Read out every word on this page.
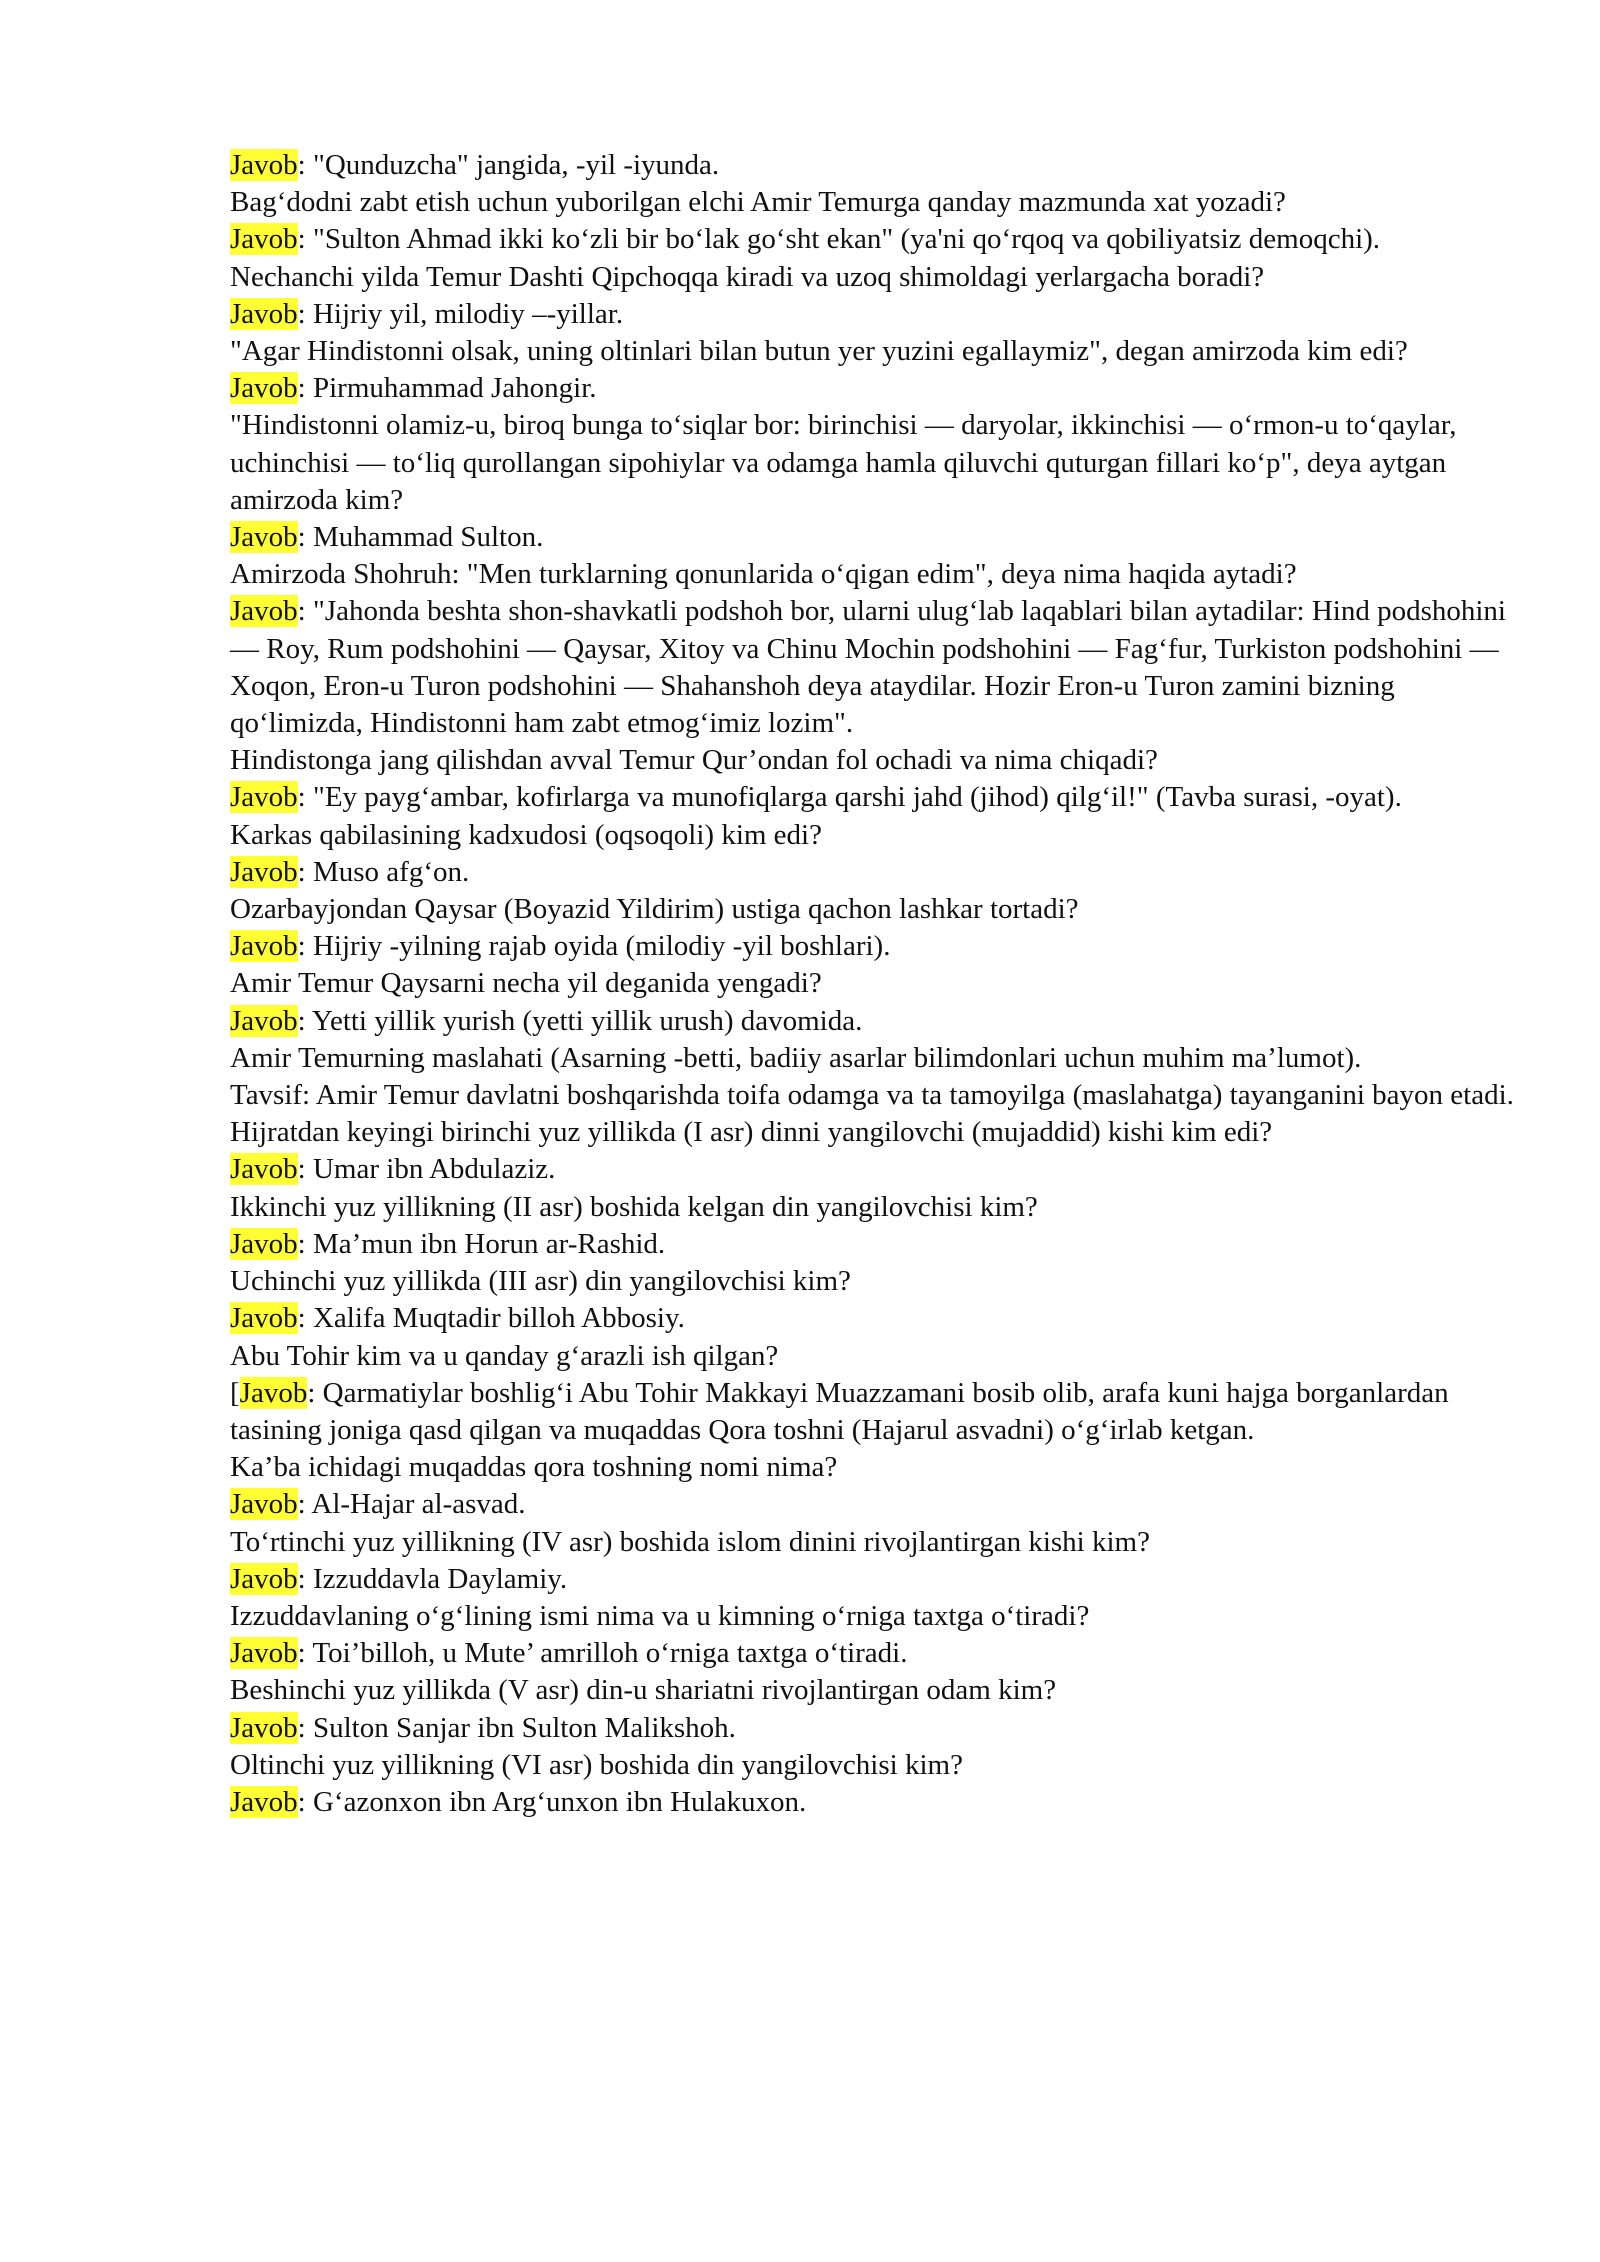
Javob: "Qunduzcha" jangida, -yil -iyunda.

Bag‘dodni zabt etish uchun yuborilgan elchi Amir Temurga qanday mazmunda xat yozadi?

Javob: "Sulton Ahmad ikki ko‘zli bir bo‘lak go‘sht ekan" (ya'ni qo‘rqoq va qobiliyatsiz demoqchi).

Nechanchi yilda Temur Dashti Qipchoqqa kiradi va uzoq shimoldagi yerlargacha boradi?

Javob: Hijriy yil, milodiy –-yillar.

"Agar Hindistonni olsak, uning oltinlari bilan butun yer yuzini egallaymiz", degan amirzoda kim edi?

Javob: Pirmuhammad Jahongir.

"Hindistonni olamiz-u, biroq bunga to‘siqlar bor: birinchisi — daryolar, ikkinchisi — o‘rmon-u to‘qaylar, uchinchisi — to‘liq qurollangan sipohiylar va odamga hamla qiluvchi quturgan fillari ko‘p", deya aytgan amirzoda kim?

Javob: Muhammad Sulton.

Amirzoda Shohruh: "Men turklarning qonunlarida o‘qigan edim", deya nima haqida aytadi?

Javob: "Jahonda beshta shon-shavkatli podshoh bor, ularni ulug‘lab laqablari bilan aytadilar: Hind podshohini — Roy, Rum podshohini — Qaysar, Xitoy va Chinu Mochin podshohini — Fag‘fur, Turkiston podshohini — Xoqon, Eron-u Turon podshohini — Shahanshoh deya ataydilar. Hozir Eron-u Turon zamini bizning qo‘limizda, Hindistonni ham zabt etmog‘imiz lozim".

Hindistonga jang qilishdan avval Temur Qur’ondan fol ochadi va nima chiqadi?

Javob: "Ey payg‘ambar, kofirlarga va munofiqlarga qarshi jahd (jihod) qilg‘il!" (Tavba surasi, -oyat).

Karkas qabilasining kadxudosi (oqsoqoli) kim edi?

Javob: Muso afg‘on.

Ozarbayjondan Qaysar (Boyazid Yildirim) ustiga qachon lashkar tortadi?

Javob: Hijriy -yilning rajab oyida (milodiy -yil boshlari).

Amir Temur Qaysarni necha yil deganida yengadi?

Javob: Yetti yillik yurish (yetti yillik urush) davomida.

Amir Temurning maslahati (Asarning -betti, badiiy asarlar bilimdonlari uchun muhim ma’lumot).

Tavsif: Amir Temur davlatni boshqarishda toifa odamga va ta tamoyilga (maslahatga) tayanganini bayon etadi.

Hijratdan keyingi birinchi yuz yillikda (I asr) dinni yangilovchi (mujaddid) kishi kim edi?

Javob: Umar ibn Abdulaziz.

Ikkinchi yuz yillikning (II asr) boshida kelgan din yangilovchisi kim?

Javob: Ma’mun ibn Horun ar-Rashid.

Uchinchi yuz yillikda (III asr) din yangilovchisi kim?

Javob: Xalifa Muqtadir billoh Abbosiy.

Abu Tohir kim va u qanday g‘arazli ish qilgan?

[Javob: Qarmatiylar boshlig‘i Abu Tohir Makkayi Muazzamani bosib olib, arafa kuni hajga borganlardan tasining joniga qasd qilgan va muqaddas Qora toshni (Hajarul asvadni) o‘g‘irlab ketgan.

Ka’ba ichidagi muqaddas qora toshning nomi nima?

Javob: Al-Hajar al-asvad.

To‘rtinchi yuz yillikning (IV asr) boshida islom dinini rivojlantirgan kishi kim?

Javob: Izzuddavla Daylamiy.

Izzuddavlaning o‘g‘lining ismi nima va u kimning o‘rniga taxtga o‘tiradi?

Javob: Toi’billoh, u Mute’ amrilloh o‘rniga taxtga o‘tiradi.

Beshinchi yuz yillikda (V asr) din-u shariatni rivojlantirgan odam kim?

Javob: Sulton Sanjar ibn Sulton Malikshoh.

Oltinchi yuz yillikning (VI asr) boshida din yangilovchisi kim?

Javob: G‘azonxon ibn Arg‘unxon ibn Hulakuxon.
